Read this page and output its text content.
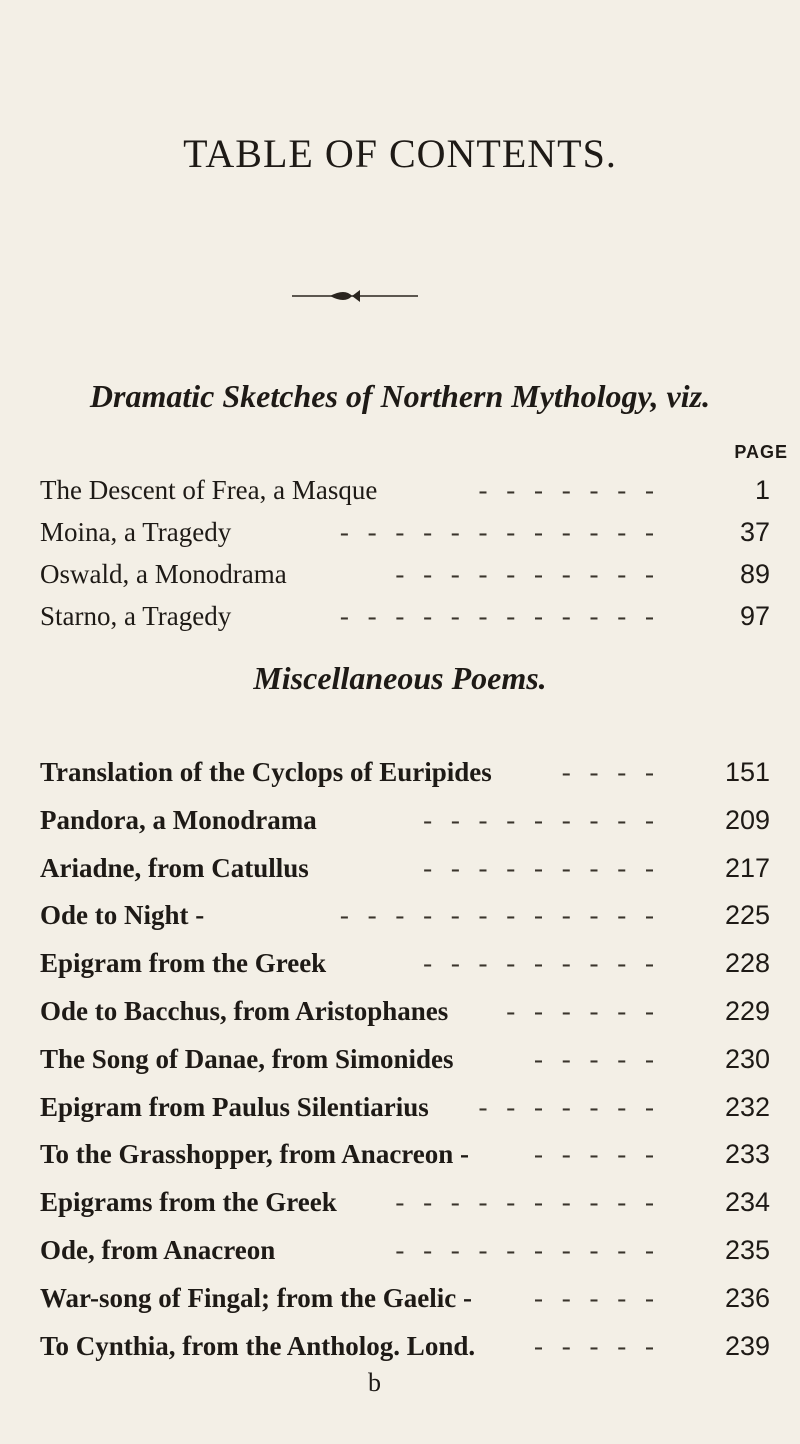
TABLE OF CONTENTS.
Dramatic Sketches of Northern Mythology, viz.
PAGE
The Descent of Frea, a Masque	- - - - - - -	1
Moina, a Tragedy	- - - - - - - - - - - -	37
Oswald, a Monodrama	- - - - - - - - - -	89
Starno, a Tragedy	- - - - - - - - - - - -	97
Miscellaneous Poems.
Translation of the Cyclops of Euripides	- - - -	151
Pandora, a Monodrama	- - - - - - - - -	209
Ariadne, from Catullus	- - - - - - - - -	217
Ode to Night -	- - - - - - - - - - - -	225
Epigram from the Greek	- - - - - - - - -	228
Ode to Bacchus, from Aristophanes - - - - - -	229
The Song of Danae, from Simonides	- - - - -	230
Epigram from Paulus Silentiarius - - - - - - -	232
To the Grasshopper, from Anacreon - - - - - -	233
Epigrams from the Greek - - - - - - - - - -	234
Ode, from Anacreon	- - - - - - - - - -	235
War-song of Fingal; from the Gaelic - - - - - -	236
To Cynthia, from the Antholog. Lond. - - - - -	239
b
